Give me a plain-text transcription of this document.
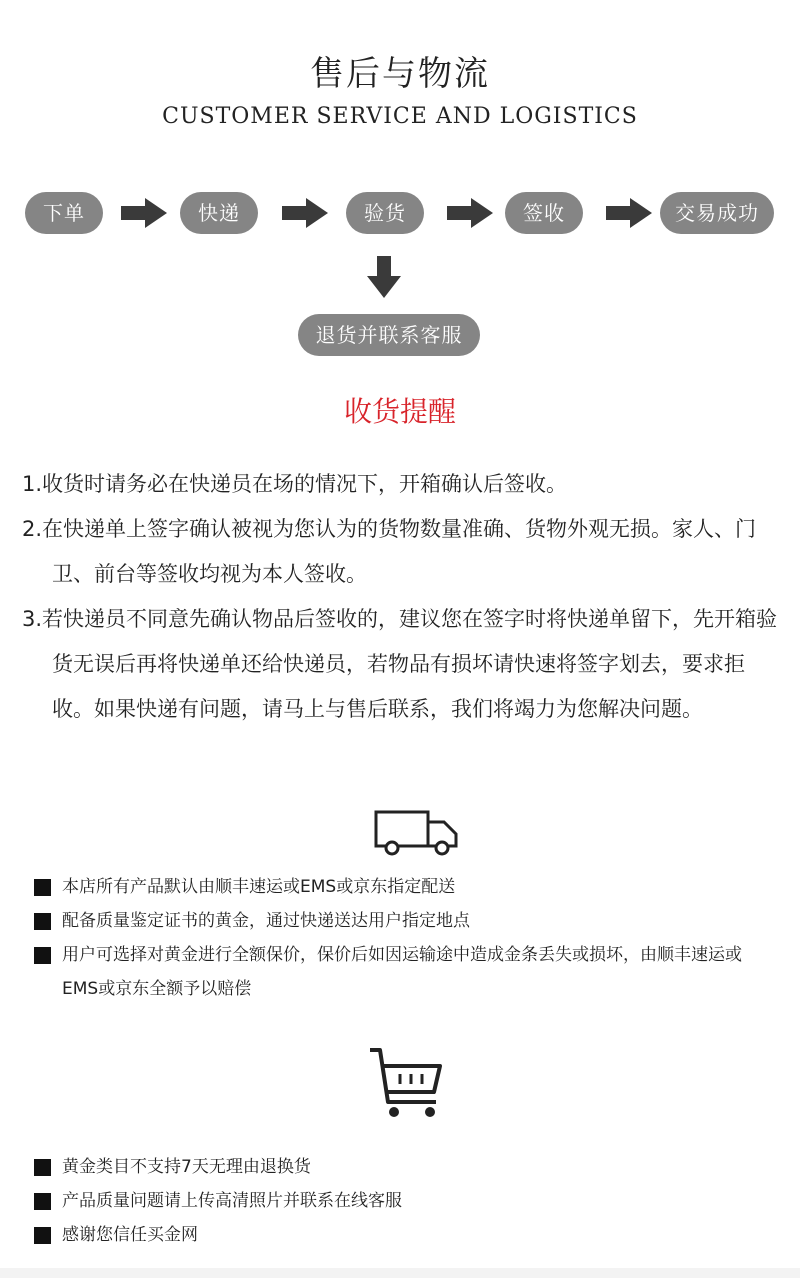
售后与物流
CUSTOMER SERVICE AND LOGISTICS
下单	快递	验货	签收	交易成功
退货并联系客服
收货提醒

1.收货时请务必在快递员在场的情况下，开箱确认后签收。

2.在快递单上签字确认被视为您认为的货物数量准确、货物外观无损。家人、门卫、前台等签收均视为本人签收。

3.若快递员不同意先确认物品后签收的，建议您在签字时将快递单留下，先开箱验货无误后再将快递单还给快递员，若物品有损坏请快速将签字划去，要求拒收。如果快递有问题，请马上与售后联系，我们将竭力为您解决问题。

本店所有产品默认由顺丰速运或EMS或京东指定配送
配备质量鉴定证书的黄金，通过快递送达用户指定地点
用户可选择对黄金进行全额保价，保价后如因运输途中造成金条丢失或损坏，由顺丰速运或EMS或京东全额予以赔偿
黄金类目不支持7天无理由退换货
产品质量问题请上传高清照片并联系在线客服
感谢您信任买金网
